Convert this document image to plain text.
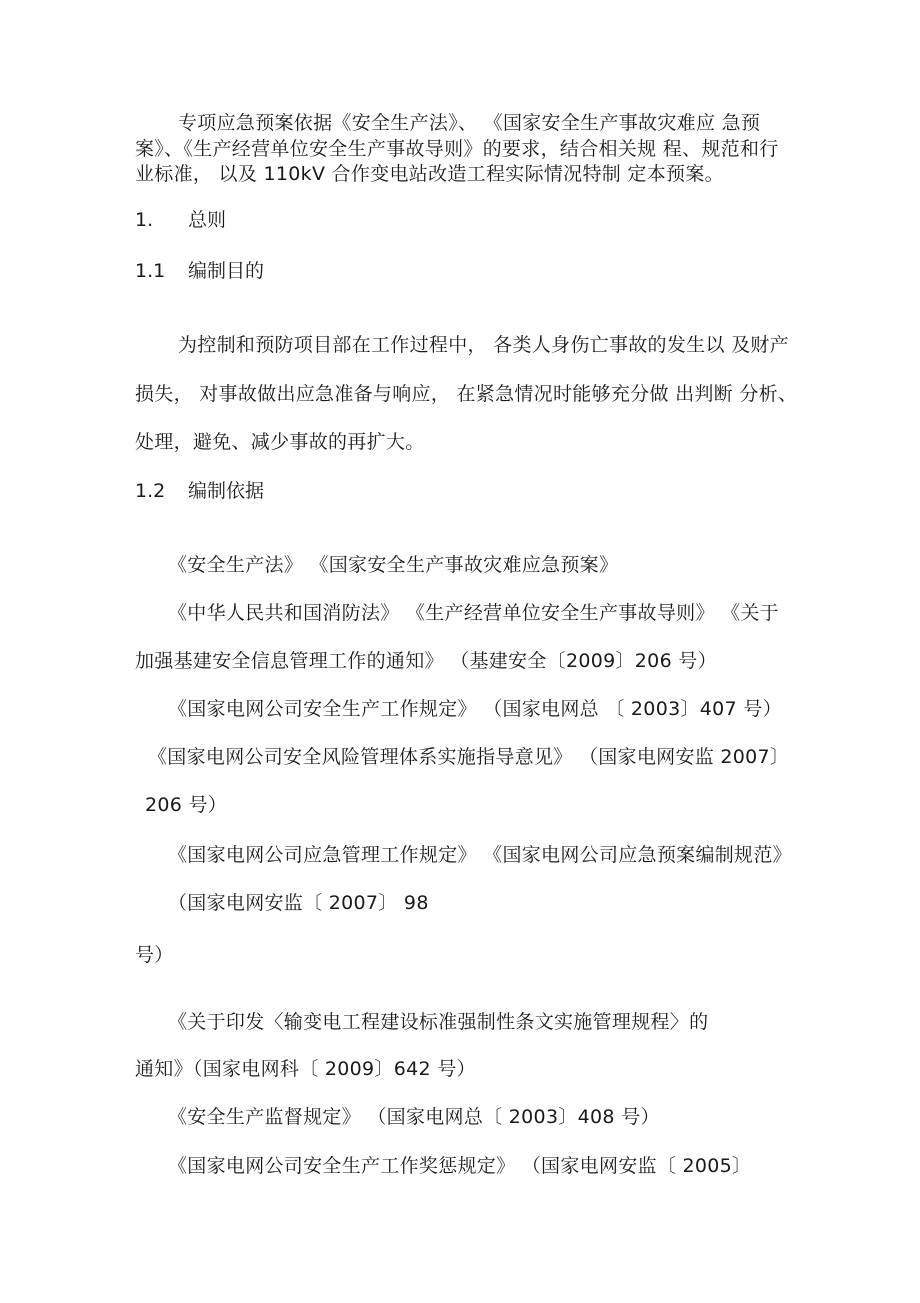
专项应急预案依据《安全生产法》、 《国家安全生产事故灾难应 急预
案》、《生产经营单位安全生产事故导则》的要求，结合相关规 程、规范和行
业标准， 以及 110kV 合作变电站改造工程实际情况特制 定本预案。
1. 总则
1.1 编制目的
为控制和预防项目部在工作过程中， 各类人身伤亡事故的发生以 及财产
损失， 对事故做出应急准备与响应， 在紧急情况时能够充分做 出判断 分析、
处理，避免、减少事故的再扩大。
1.2 编制依据
《安全生产法》 《国家安全生产事故灾难应急预案》
《中华人民共和国消防法》 《生产经营单位安全生产事故导则》 《关于
加强基建安全信息管理工作的通知》 （基建安全〔2009〕206 号）
《国家电网公司安全生产工作规定》 （国家电网总 〔 2003〕407 号）
《国家电网公司安全风险管理体系实施指导意见》 （国家电网安监 2007〕
206 号）
《国家电网公司应急管理工作规定》 《国家电网公司应急预案编制规范》
（国家电网安监〔 2007〕 98
号）
《关于印发〈输变电工程建设标准强制性条文实施管理规程〉的
通知》（国家电网科〔 2009〕642 号）
《安全生产监督规定》 （国家电网总〔 2003〕408 号）
《国家电网公司安全生产工作奖惩规定》 （国家电网安监〔 2005〕
